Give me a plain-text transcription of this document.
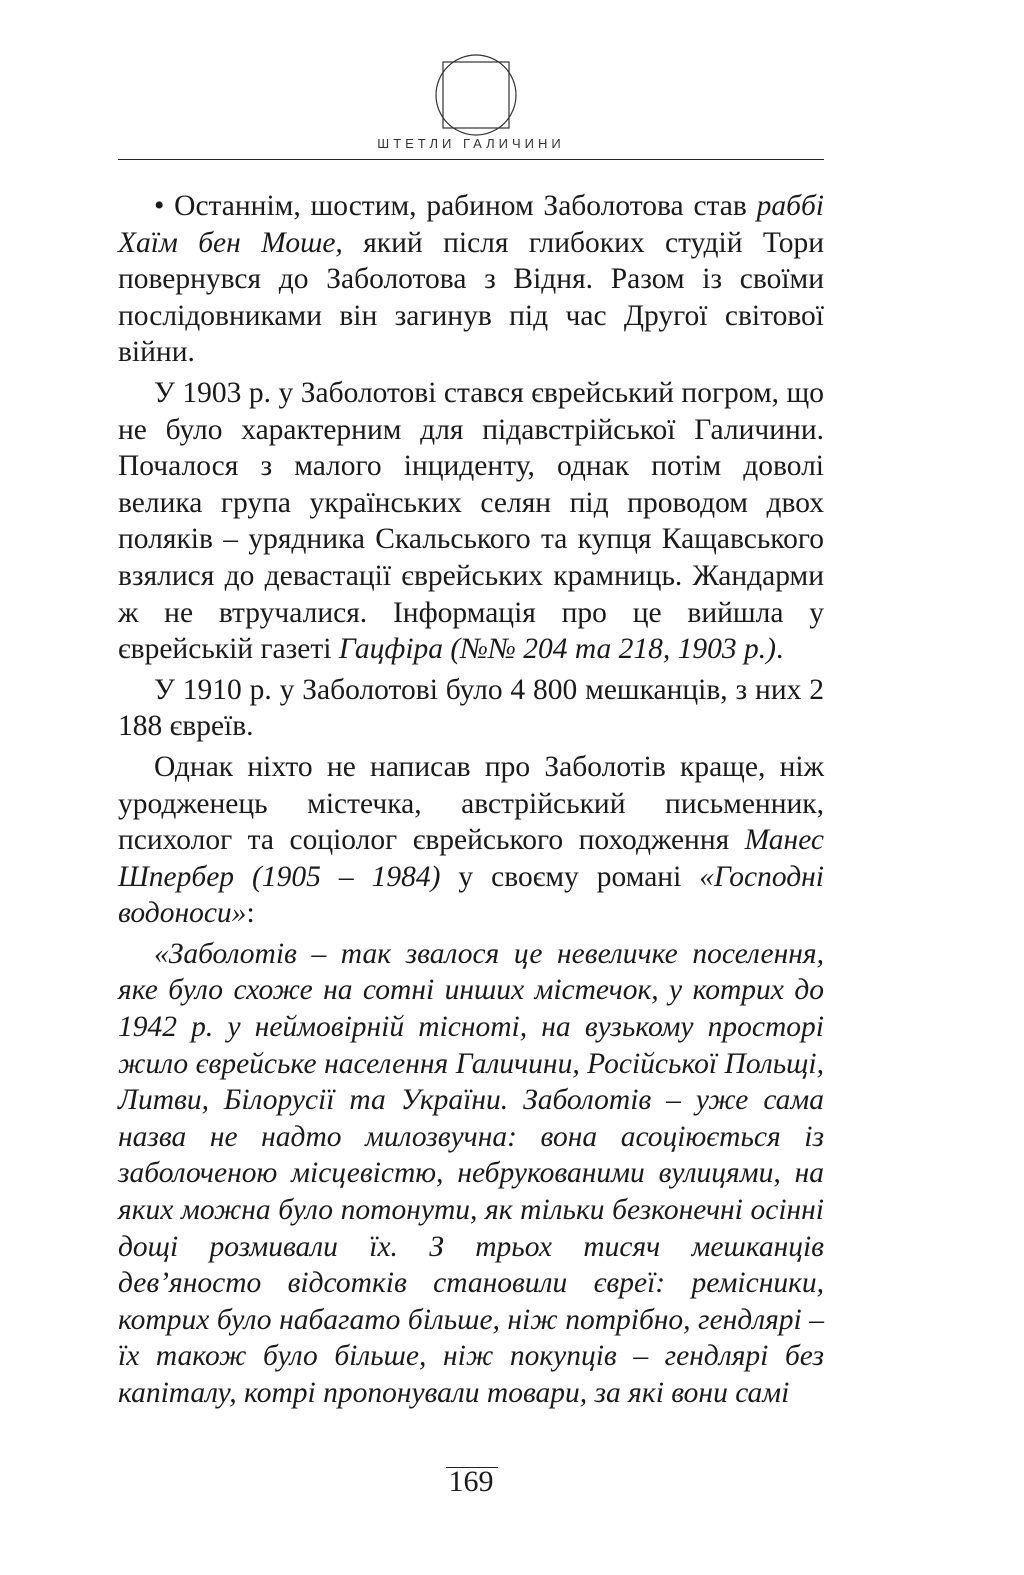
ШТЕТЛИ ГАЛИЧИНИ

• Останнім, шостим, рабином Заболотова став раббі Хаїм бен Моше, який після глибоких студій Тори повернувся до Заболотова з Відня. Разом із своїми послідовниками він загинув під час Другої світової війни.

У 1903 р. у Заболотові стався єврейський погром, що не було характерним для підавстрійської Галичини. Почалося з малого інциденту, однак потім доволі велика група українських селян під проводом двох поляків – урядника Скальського та купця Кащавського взялися до девастації єврейських крамниць. Жандарми ж не втручалися. Інформація про це вийшла у єврейській газеті Гацфіра (№№ 204 та 218, 1903 р.).

У 1910 р. у Заболотові було 4 800 мешканців, з них 2 188 євреїв.

Однак ніхто не написав про Заболотів краще, ніж уродженець містечка, австрійський письменник, психолог та соціолог єврейського походження Манес Шпербер (1905 – 1984) у своєму романі «Господні водоноси»:

«Заболотів – так звалося це невеличке поселення, яке було схоже на сотні инших містечок, у котрих до 1942 р. у неймовірній тісноті, на вузькому просторі жило єврейське населення Галичини, Російської Польщі, Литви, Білорусії та України. Заболотів – уже сама назва не надто милозвучна: вона асоціюється із заболоченою місцевістю, небрукованими вулицями, на яких можна було потонути, як тільки безконечні осінні дощі розмивали їх. З трьох тисяч мешканців дев’яносто відсотків становили євреї: ремісники, котрих було набагато більше, ніж потрібно, гендлярі – їх також було більше, ніж покупців – гендлярі без капіталу, котрі пропонували товари, за які вони самі

169
